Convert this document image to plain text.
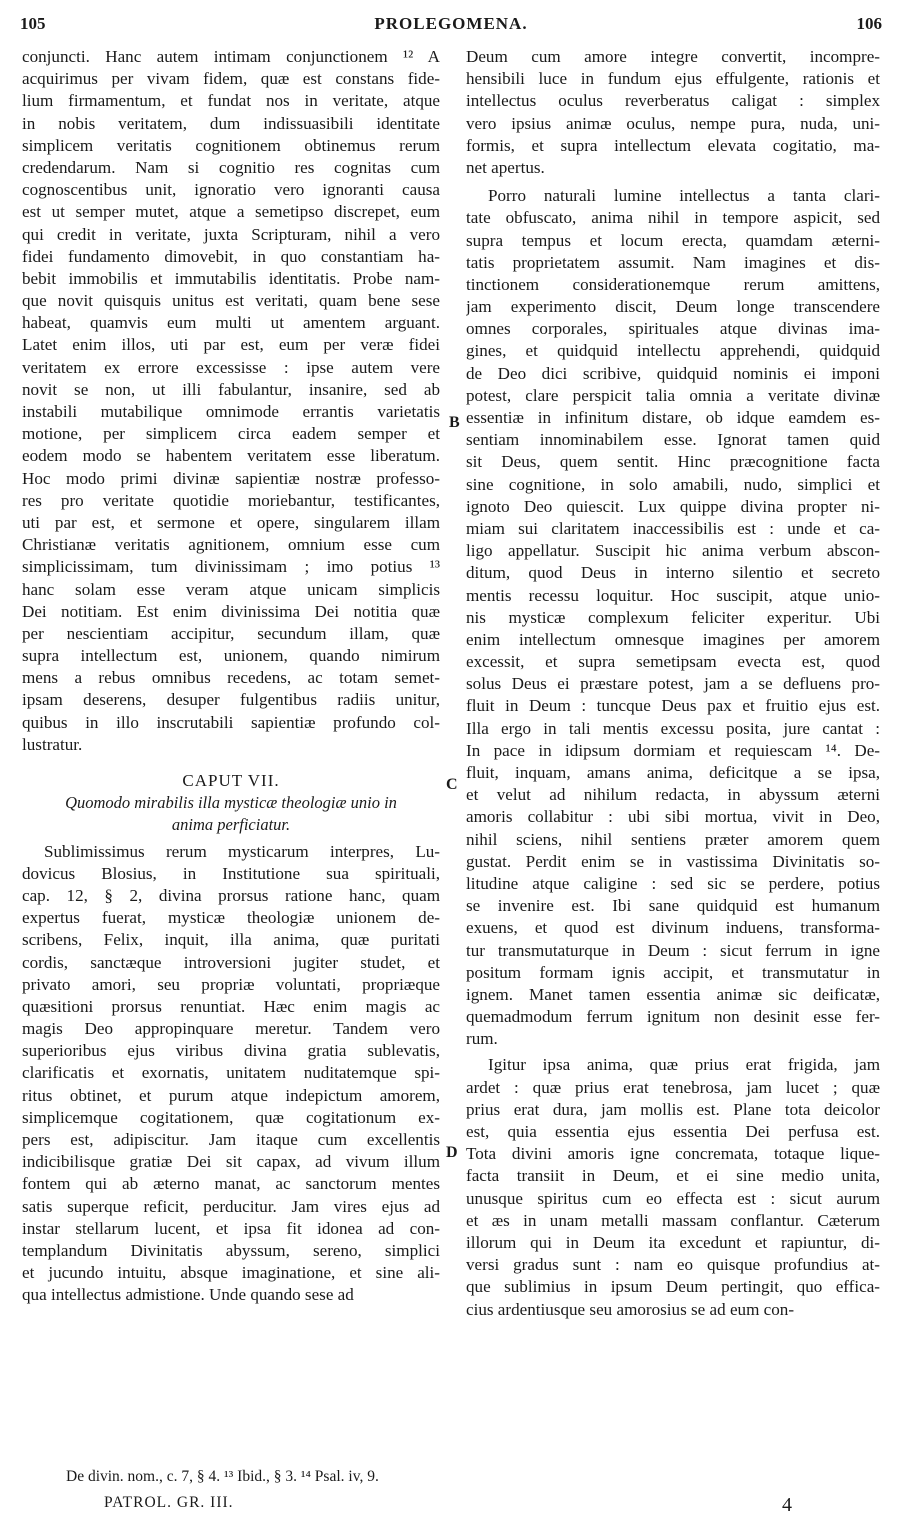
105	PROLEGOMENA.	106
conjuncti. Hanc autem intimam conjunctionem ¹² A
acquirimus per vivam fidem, quæ est constans fide-
lium firmamentum, et fundat nos in veritate, atque
in nobis veritatem, dum indissuasibili identitate
simplicem veritatis cognitionem obtinemus rerum
credendarum. Nam si cognitio res cognitas cum
cognoscentibus unit, ignoratio vero ignoranti causa
est ut semper mutet, atque a semetipso discrepet, eum
qui credit in veritate, juxta Scripturam, nihil a vero
fidei fundamento dimovebit, in quo constantiam ha-
bebit immobilis et immutabilis identitatis. Probe nam-
que novit quisquis unitus est veritati, quam bene sese
habeat, quamvis eum multi ut amentem arguant.
Latet enim illos, uti par est, eum per veræ fidei
veritatem ex errore excessisse : ipse autem vere
novit se non, ut illi fabulantur, insanire, sed ab
instabili mutabilique omnimode errantis varietatis
motione, per simplicem circa eadem semper et
eodem modo se habentem veritatem esse liberatum.
Hoc modo primi divinæ sapientiæ nostræ professo-
res pro veritate quotidie moriebantur, testificantes,
uti par est, et sermone et opere, singularem illam
Christianæ veritatis agnitionem, omnium esse cum
simplicissimam, tum divinissimam ; imo potius ¹³
hanc solam esse veram atque unicam simplicis
Dei notitiam. Est enim divinissima Dei notitia quæ
per nescientiam accipitur, secundum illam, quæ
supra intellectum est, unionem, quando nimirum
mens a rebus omnibus recedens, ac totam semet-
ipsam deserens, desuper fulgentibus radiis unitur,
quibus in illo inscrutabili sapientiæ profundo col-
lustratur.
CAPUT VII.
Quomodo mirabilis illa mysticæ theologiæ unio in
anima perficiatur.
Sublimissimus rerum mysticarum interpres, Lu-
dovicus Blosius, in Institutione sua spirituali,
cap. 12, § 2, divina prorsus ratione hanc, quam
expertus fuerat, mysticæ theologiæ unionem de-
scribens, Felix, inquit, illa anima, quæ puritati
cordis, sanctæque introversioni jugiter studet, et
privato amori, seu propriæ voluntati, propriæque
quæsitioni prorsus renuntiat. Hæc enim magis ac
magis Deo appropinquare meretur. Tandem vero
superioribus ejus viribus divina gratia sublevatis,
clarificatis et exornatis, unitatem nuditatemque spi-
ritus obtinet, et purum atque indepictum amorem,
simplicemque cogitationem, quæ cogitationum ex-
pers est, adipiscitur. Jam itaque cum excellentis
indicibilisque gratiæ Dei sit capax, ad vivum illum
fontem qui ab æterno manat, ac sanctorum mentes
satis superque reficit, perducitur. Jam vires ejus ad
instar stellarum lucent, et ipsa fit idonea ad con-
templandum Divinitatis abyssum, sereno, simplici
et jucundo intuitu, absque imaginatione, et sine ali-
qua intellectus admistione. Unde quando sese ad
Deum cum amore integre convertit, incompre-
hensibili luce in fundum ejus effulgente, rationis et
intellectus oculus reverberatus caligat : simplex
vero ipsius animæ oculus, nempe pura, nuda, uni-
formis, et supra intellectum elevata cogitatio, ma-
net apertus.
Porro naturali lumine intellectus a tanta clari-
tate obfuscato, anima nihil in tempore aspicit, sed
supra tempus et locum erecta, quamdam æterni-
tatis proprietatem assumit. Nam imagines et dis-
tinctionem considerationemque rerum amittens,
jam experimento discit, Deum longe transcendere
omnes corporales, spirituales atque divinas ima-
gines, et quidquid intellectu apprehendi, quidquid
de Deo dici scribive, quidquid nominis ei imponi
potest, clare perspicit talia omnia a veritate divinæ
essentiæ in infinitum distare, ob idque eamdem es-
sentiam innominabilem esse. Ignorat tamen quid
sit Deus, quem sentit. Hinc præcognitione facta
sine cognitione, in solo amabili, nudo, simplici et
ignoto Deo quiescit. Lux quippe divina propter ni-
miam sui claritatem inaccessibilis est : unde et ca-
ligo appellatur. Suscipit hic anima verbum abscon-
ditum, quod Deus in interno silentio et secreto
mentis recessu loquitur. Hoc suscipit, atque unio-
nis mysticæ complexum feliciter experitur. Ubi
enim intellectum omnesque imagines per amorem
excessit, et supra semetipsam evecta est, quod
solus Deus ei præstare potest, jam a se defluens pro-
fluit in Deum : tuncque Deus pax et fruitio ejus est.
Illa ergo in tali mentis excessu posita, jure cantat :
In pace in idipsum dormiam et requiescam ¹⁴. De-
fluit, inquam, amans anima, deficitque a se ipsa,
et velut ad nihilum redacta, in abyssum æterni
amoris collabitur : ubi sibi mortua, vivit in Deo,
nihil sciens, nihil sentiens præter amorem quem
gustat. Perdit enim se in vastissima Divinitatis so-
litudine atque caligine : sed sic se perdere, potius
se invenire est. Ibi sane quidquid est humanum
exuens, et quod est divinum induens, transforma-
tur transmutaturque in Deum : sicut ferrum in igne
positum formam ignis accipit, et transmutatur in
ignem. Manet tamen essentia animæ sic deificatæ,
quemadmodum ferrum ignitum non desinit esse fer-
rum.
Igitur ipsa anima, quæ prius erat frigida, jam
ardet : quæ prius erat tenebrosa, jam lucet ; quæ
prius erat dura, jam mollis est. Plane tota deicolor
est, quia essentia ejus essentia Dei perfusa est.
Tota divini amoris igne concremata, totaque lique-
facta transiit in Deum, et ei sine medio unita,
unusque spiritus cum eo effecta est : sicut aurum
et æs in unam metalli massam conflantur. Cæterum
illorum qui in Deum ita excedunt et rapiuntur, di-
versi gradus sunt : nam eo quisque profundius at-
que sublimius in ipsum Deum pertingit, quo effica-
cius ardentiusque seu amorosius se ad eum con-
B
C
D
De divin. nom., c. 7, § 4. ¹³ Ibid., § 3. ¹⁴ Psal. iv, 9.
PATROL. GR. III.	4
